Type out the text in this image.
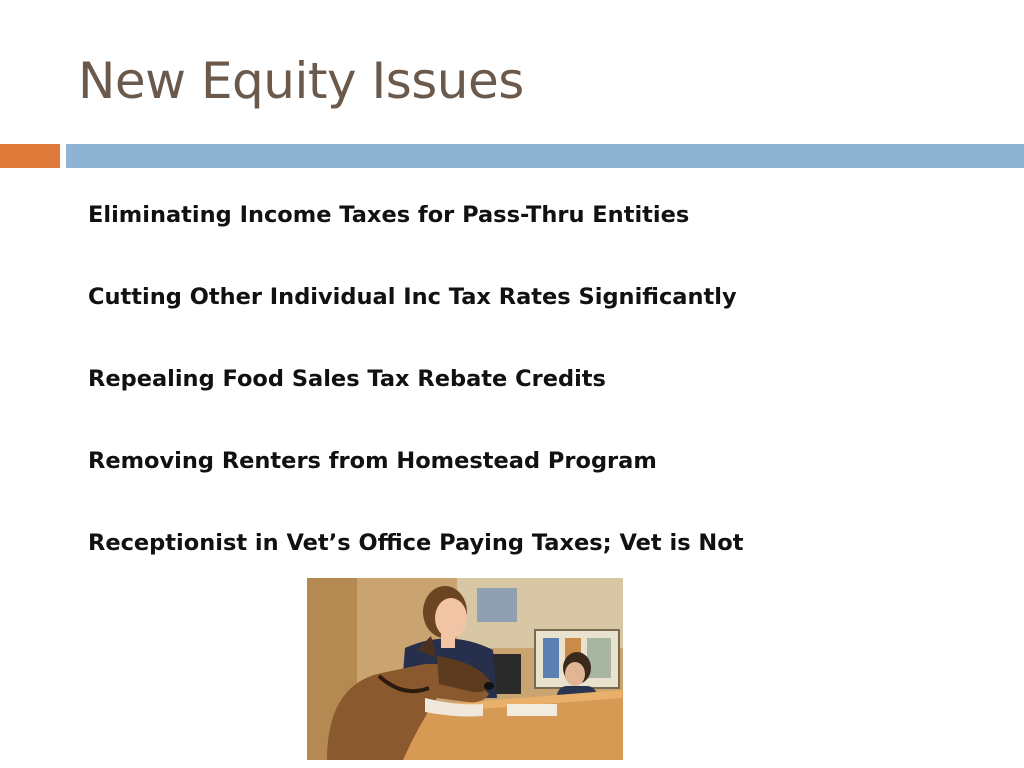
New Equity Issues
Eliminating Income Taxes for Pass-Thru Entities
Cutting Other Individual Inc Tax Rates Significantly
Repealing Food Sales Tax Rebate Credits
Removing Renters from Homestead Program
Receptionist in Vet’s Office Paying Taxes; Vet is Not
